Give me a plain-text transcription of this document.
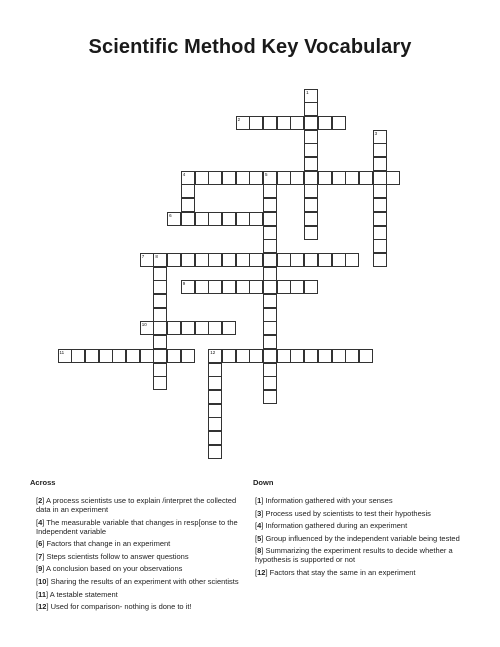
Scientific Method Key Vocabulary
1
2
3
4	5
6
7 8
9
10
11	12
Across	Down
[2] A process scientists use to explain /interpret the collected data in an experiment
[4] The measurable variable that changes in resp[onse to the Independent variable
[6] Factors that change in an experiment
[7] Steps scientists follow to answer questions
[9] A conclusion based on your observations
[10] Sharing the results of an experiment with other scientists
[11] A testable statement
[12] Used for comparison- nothing is done to it!
[1] Information gathered with your senses
[3] Process used by scientists to test their hypothesis
[4] Information gathered during an experiment
[5] Group influenced by the independent variable being tested
[8] Summarizing the experiment results to decide whether a hypothesis is supported or not
[12] Factors that stay the same in an experiment
